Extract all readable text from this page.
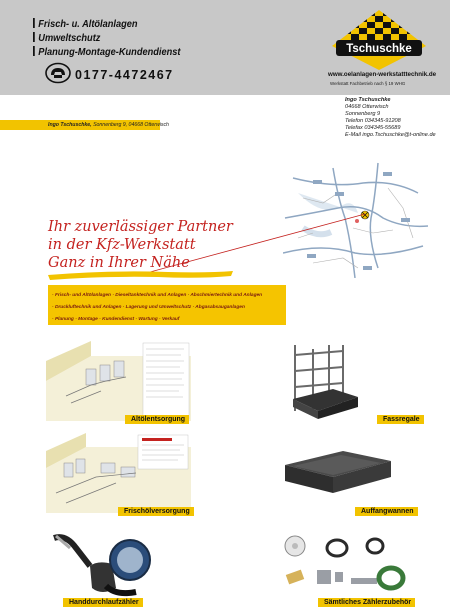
Frisch- u. Altölanlagen
Umweltschutz
Planung-Montage-Kundendienst
0177-4472467
Tschuschke
www.oelanlagen-werkstatttechnik.de
Werkstatt Fachbetrieb nach § 19 WHG
Ingo Tschuschke
04668 Otterwisch
Sonnenberg 9
Telefon 034345-91208
Telefax 034345-55689
E-Mail ingo.Tschuschke@t-online.de
Ingo Tschuschke, Sonnenberg 9, 04668 Otterwisch
Ihr zuverlässiger Partner
in der Kfz-Werkstatt
Ganz in Ihrer Nähe
· Frisch- und Altölanlagen · Dieseltanktechnik und Anlagen · Abschmiertechnik und Anlagen
· Druckluftechnik und Anlagen · Lagerung und Umweltschutz · Abgasabsauganlagen
· Planung · Montage · Kundendienst · Wartung · Verkauf
Altölentsorgung	Fassregale
Frischölversorgung	Auffangwannen
Handdurchlaufzähler	Sämtliches Zählerzubehör
